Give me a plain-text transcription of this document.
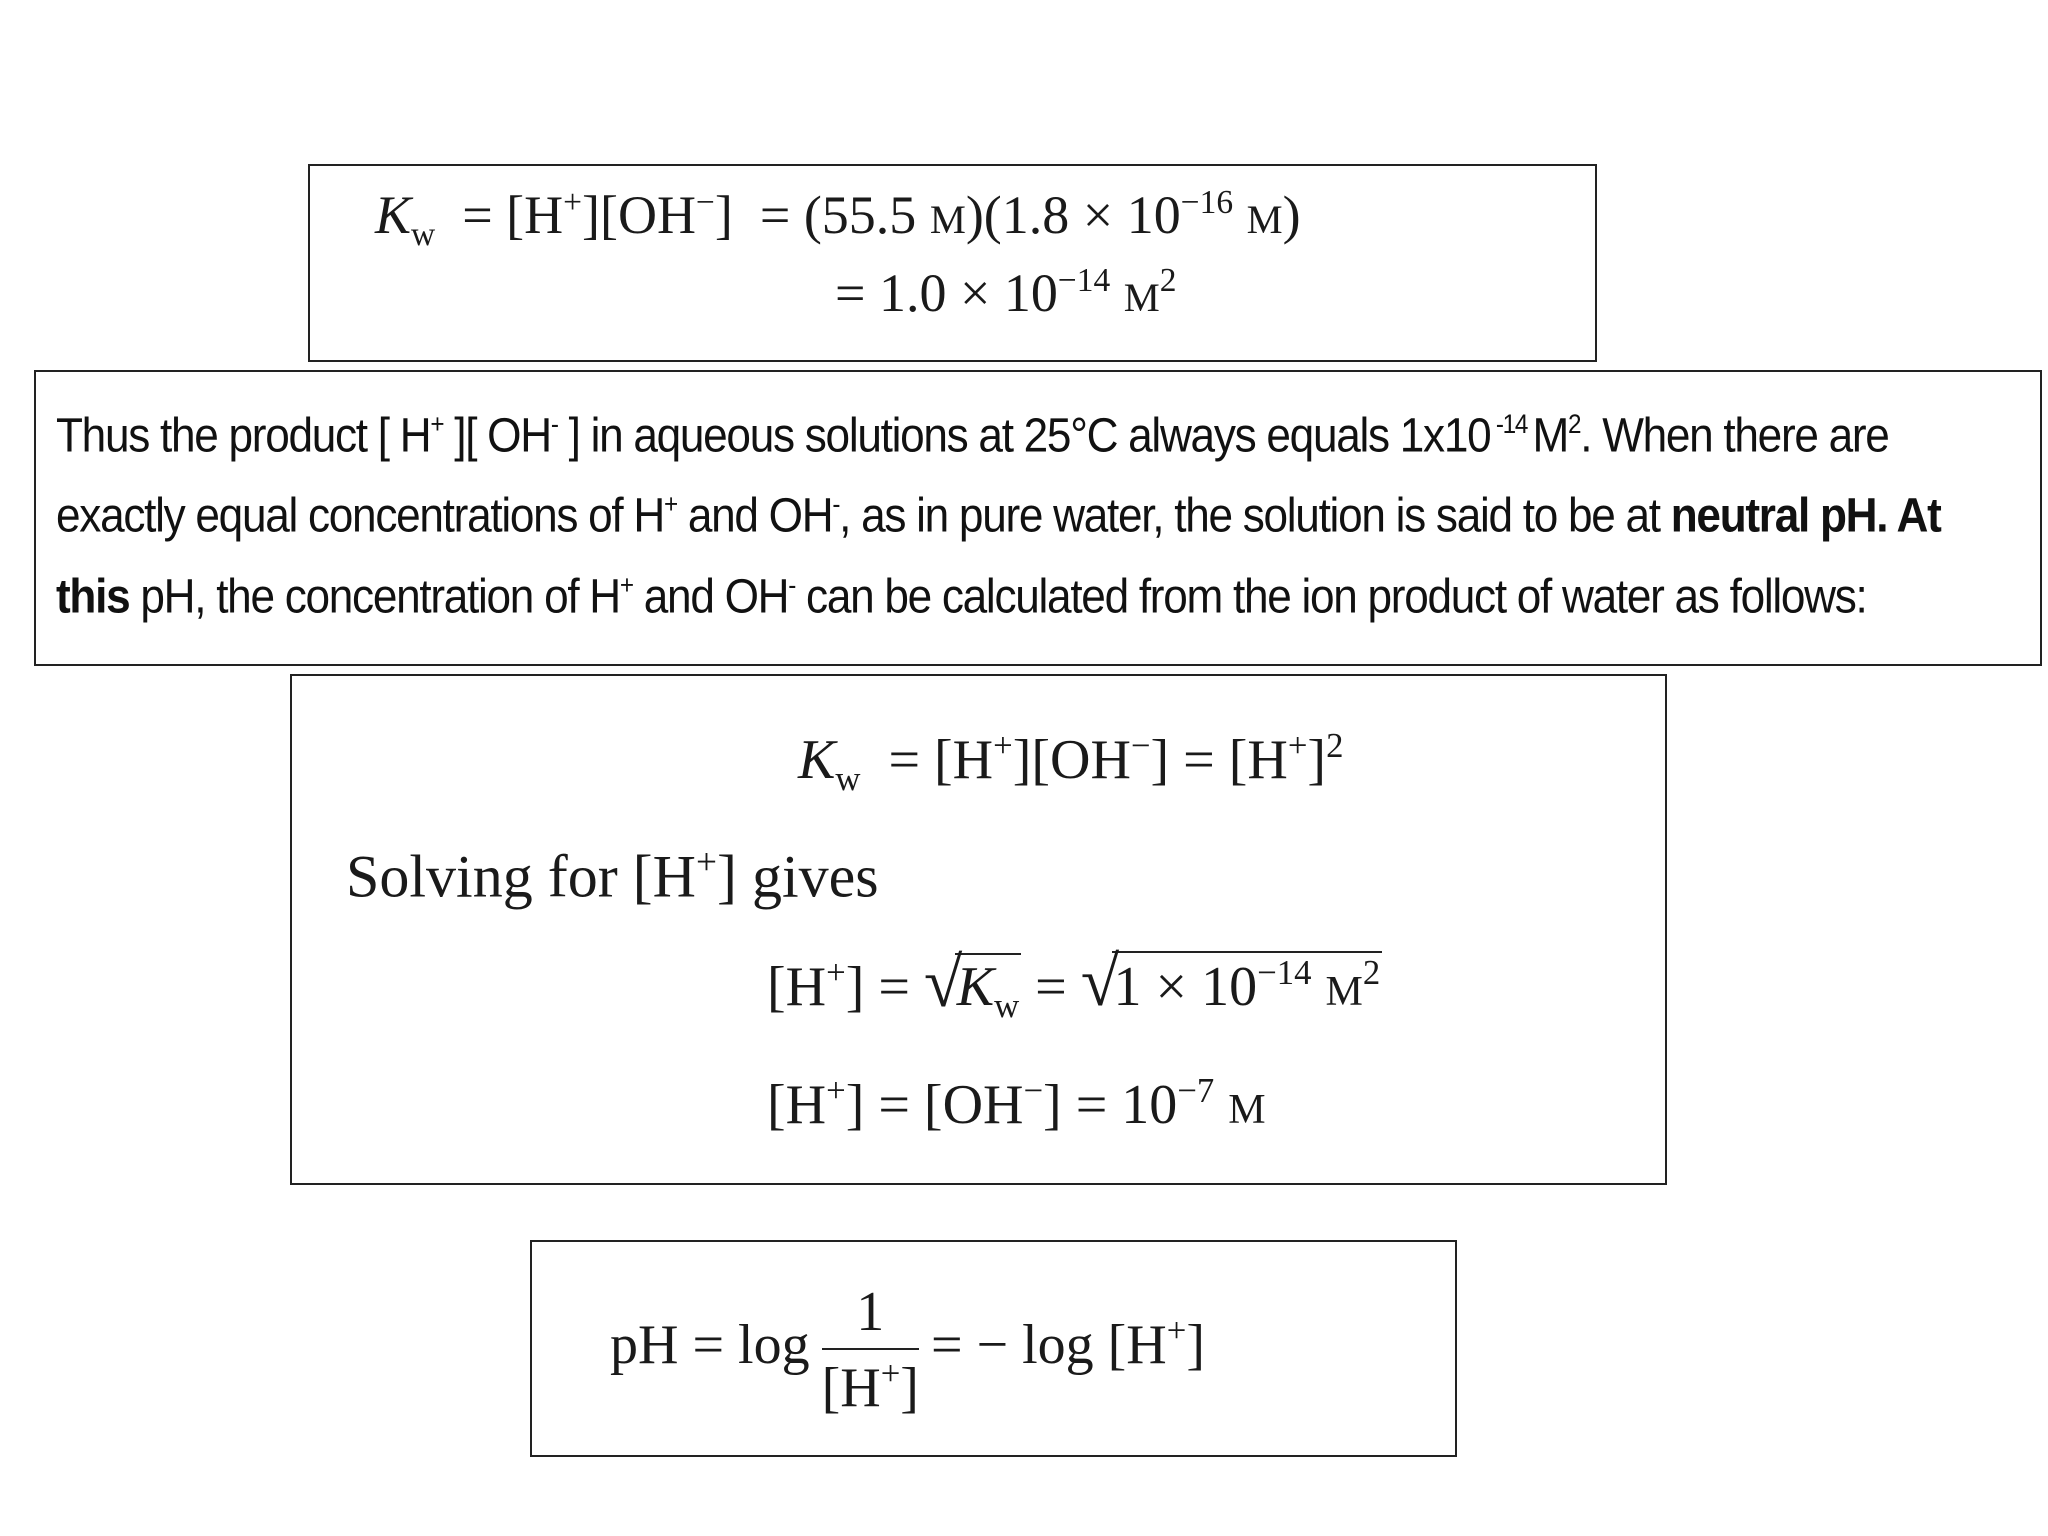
$K_w = [H^+][OH^-] = (55.5$ $M)(1.8 \times 10^{-16}$ M)
= $1.0 \times 10^{-14}$ $M^2$

Thus the product [ H+ ][ OH- ] in aqueous solutions at 25°C always equals 1x10 $^{-14}$ $M^2$. When there are exactly equal concentrations of H+ and OH-, as in pure water, the solution is said to be at neutral pH. At this pH, the concentration of H+ and OH- can be calculated from the ion product of water as follows:

$K_w = [H^+][OH^-] = [H^+]^2$
Solving for [H+] gives
[H+] = √
$K_w$ = √
$1 \times 10^{-14}$ $M^2$
$[H^+] = [OH^-] = 10^{-7}$ M
pH = $\log \frac{1}{[H^+]}$ = − log [H+]
